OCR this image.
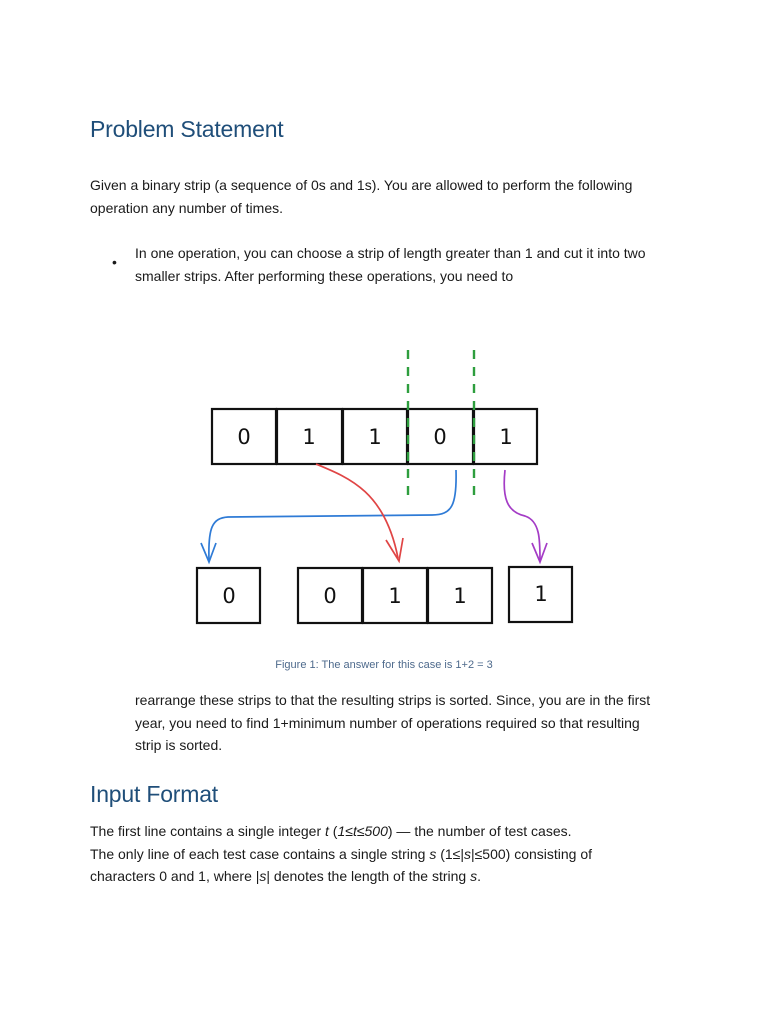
Problem Statement

Given a binary strip (a sequence of 0s and 1s). You are allowed to perform the following
operation any number of times.

•

In one operation, you can choose a strip of length greater than 1 and cut it into two
smaller strips. After performing these operations, you need to

0 1	1 0	1
0	0 1 1	1
Figure 1: The answer for this case is 1+2 = 3

rearrange these strips to that the resulting strips is sorted. Since, you are in the first
year, you need to find 1+minimum number of operations required so that resulting
strip is sorted.

Input Format

The first line contains a single integer t (1≤t≤500) — the number of test cases.
The only line of each test case contains a single string s (1≤|s|≤500) consisting of
characters 0 and 1, where |s| denotes the length of the string s.
